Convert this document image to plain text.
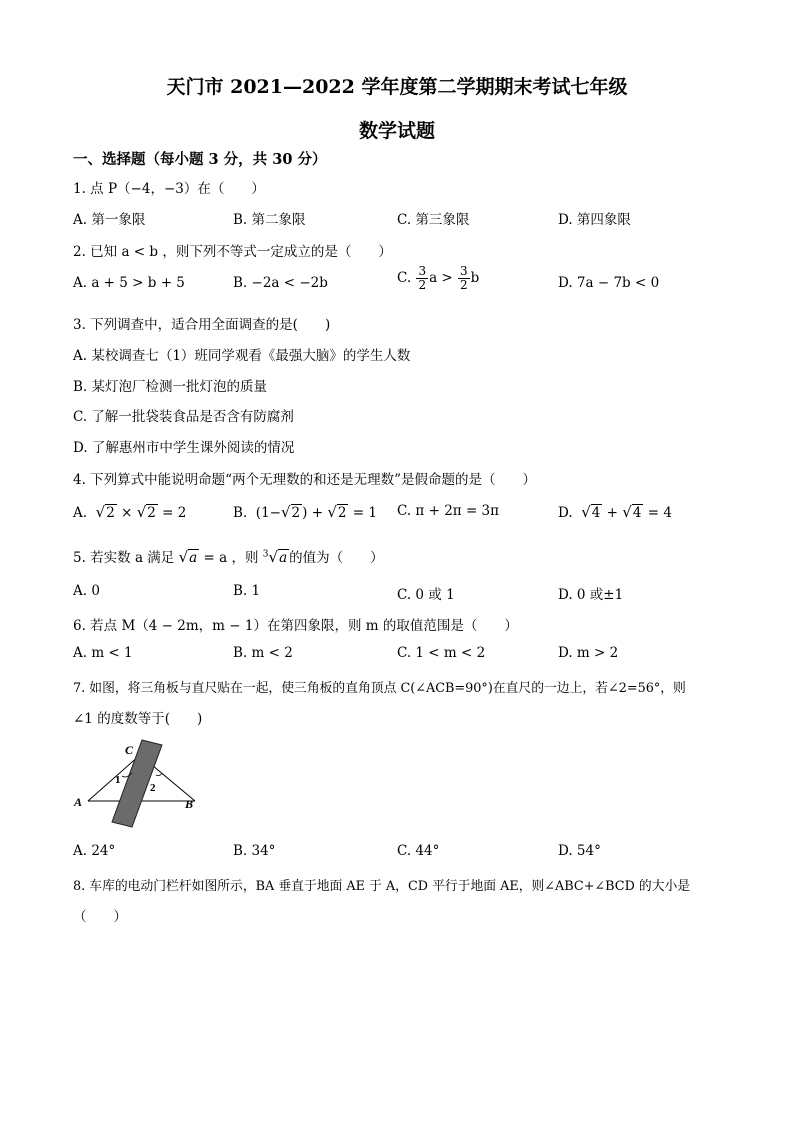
天门市 2021—2022 学年度第二学期期末考试七年级
数学试题
一、选择题（每小题 3 分，共 30 分）
1. 点 P（−4，−3）在（　　）
A. 第一象限	B. 第二象限	C. 第三象限	D. 第四象限
2. 已知 a < b ，则下列不等式一定成立的是（　　）
A. a + 5 > b + 5	B. −2a < −2b	C. $\frac{3}{2}$ $a > \frac{3}{2}$ b	D. 7a − 7b < 0
3. 下列调查中，适合用全面调查的是(　　)
A. 某校调查七（1）班同学观看《最强大脑》的学生人数
B. 某灯泡厂检测一批灯泡的质量
C. 了解一批袋装食品是否含有防腐剂
D. 了解惠州市中学生课外阅读的情况
4. 下列算式中能说明命题“两个无理数的和还是无理数”是假命题的是（　　）
A. √2 × √2 = 2	B.  (1−√2 ) + √2 = 1 C. π + 2π = 3π	D. √4 + √4 = 4
5. 若实数 a 满足 √a = a ，则 $^3$√a 的值为（　　）
A. 0	B. 1	C. 0 或 1	D. 0 或±1
6. 若点 M（4 − 2m，m − 1）在第四象限，则 m 的取值范围是（　　）
A. m < 1	B. m < 2	C. 1 < m < 2	D. m > 2
7. 如图，将三角板与直尺贴在一起，使三角板的直角顶点 C(∠ACB=90°)在直尺的一边上，若∠2=56°，则
∠1 的度数等于(　　)
C
A	B
1
2
A. 24°	B. 34°	C. 44°	D. 54°
8. 车库的电动门栏杆如图所示，BA 垂直于地面 AE 于 A，CD 平行于地面 AE，则∠ABC+∠BCD 的大小是
（　　）
